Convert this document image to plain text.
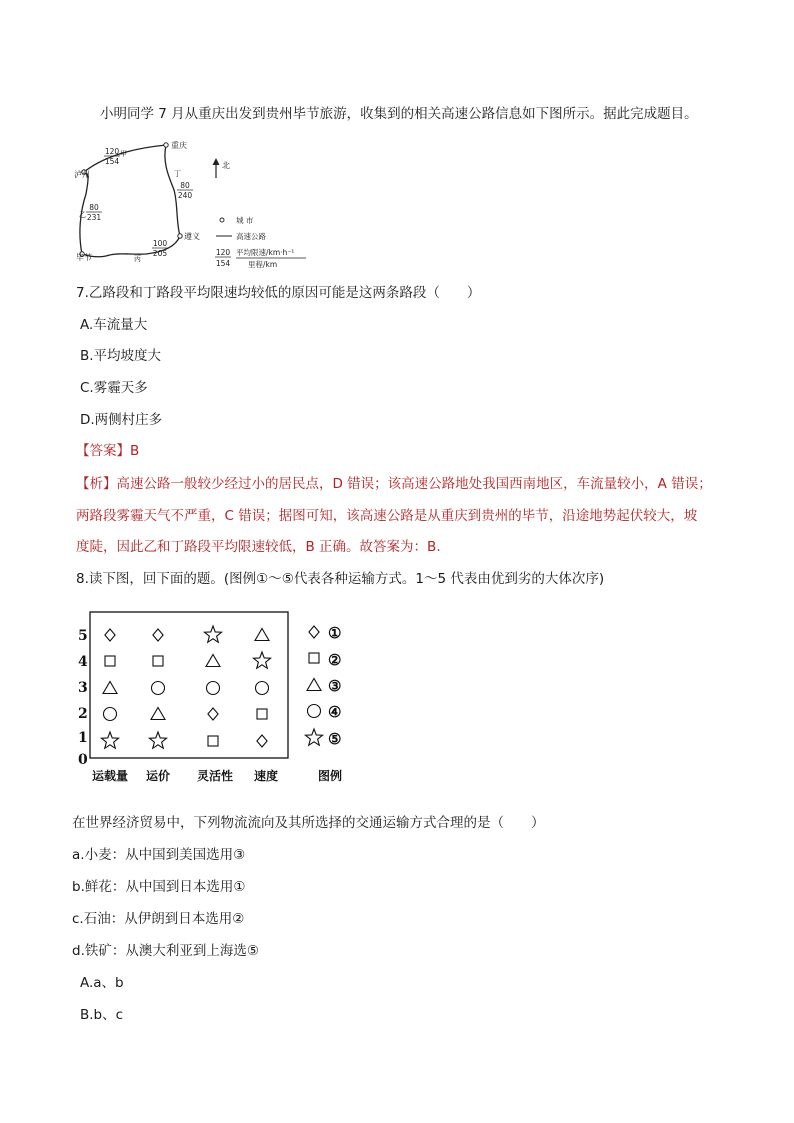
小明同学 7 月从重庆出发到贵州毕节旅游，收集到的相关高速公路信息如下图所示。据此完成题目。
重庆
泸州
遵义
毕节
甲
丁
乙
丙
120
154
80
240
80
231
100
205
北
城 市
高速公路
120
154
平均限速/km·h⁻¹
里程/km
7.乙路段和丁路段平均限速均较低的原因可能是这两条路段（　　）
A.车流量大
B.平均坡度大
C.雾霾天多
D.两侧村庄多
【答案】B
【析】高速公路一般较少经过小的居民点，D 错误；该高速公路地处我国西南地区，车流量较小，A 错误；
两路段雾霾天气不严重，C 错误；据图可知，该高速公路是从重庆到贵州的毕节，沿途地势起伏较大，坡
度陡，因此乙和丁路段平均限速较低，B 正确。故答案为：B.
8.读下图，回下面的题。(图例①～⑤代表各种运输方式。1～5 代表由优到劣的大体次序)
5
4
3
2
1
0
运载量 运价 灵活性 速度	图例
①
②
③
④
⑤
在世界经济贸易中，下列物流流向及其所选择的交通运输方式合理的是（　　）
a.小麦：从中国到美国选用③
b.鲜花：从中国到日本选用①
c.石油：从伊朗到日本选用②
d.铁矿：从澳大利亚到上海选⑤
A.a、b
B.b、c
